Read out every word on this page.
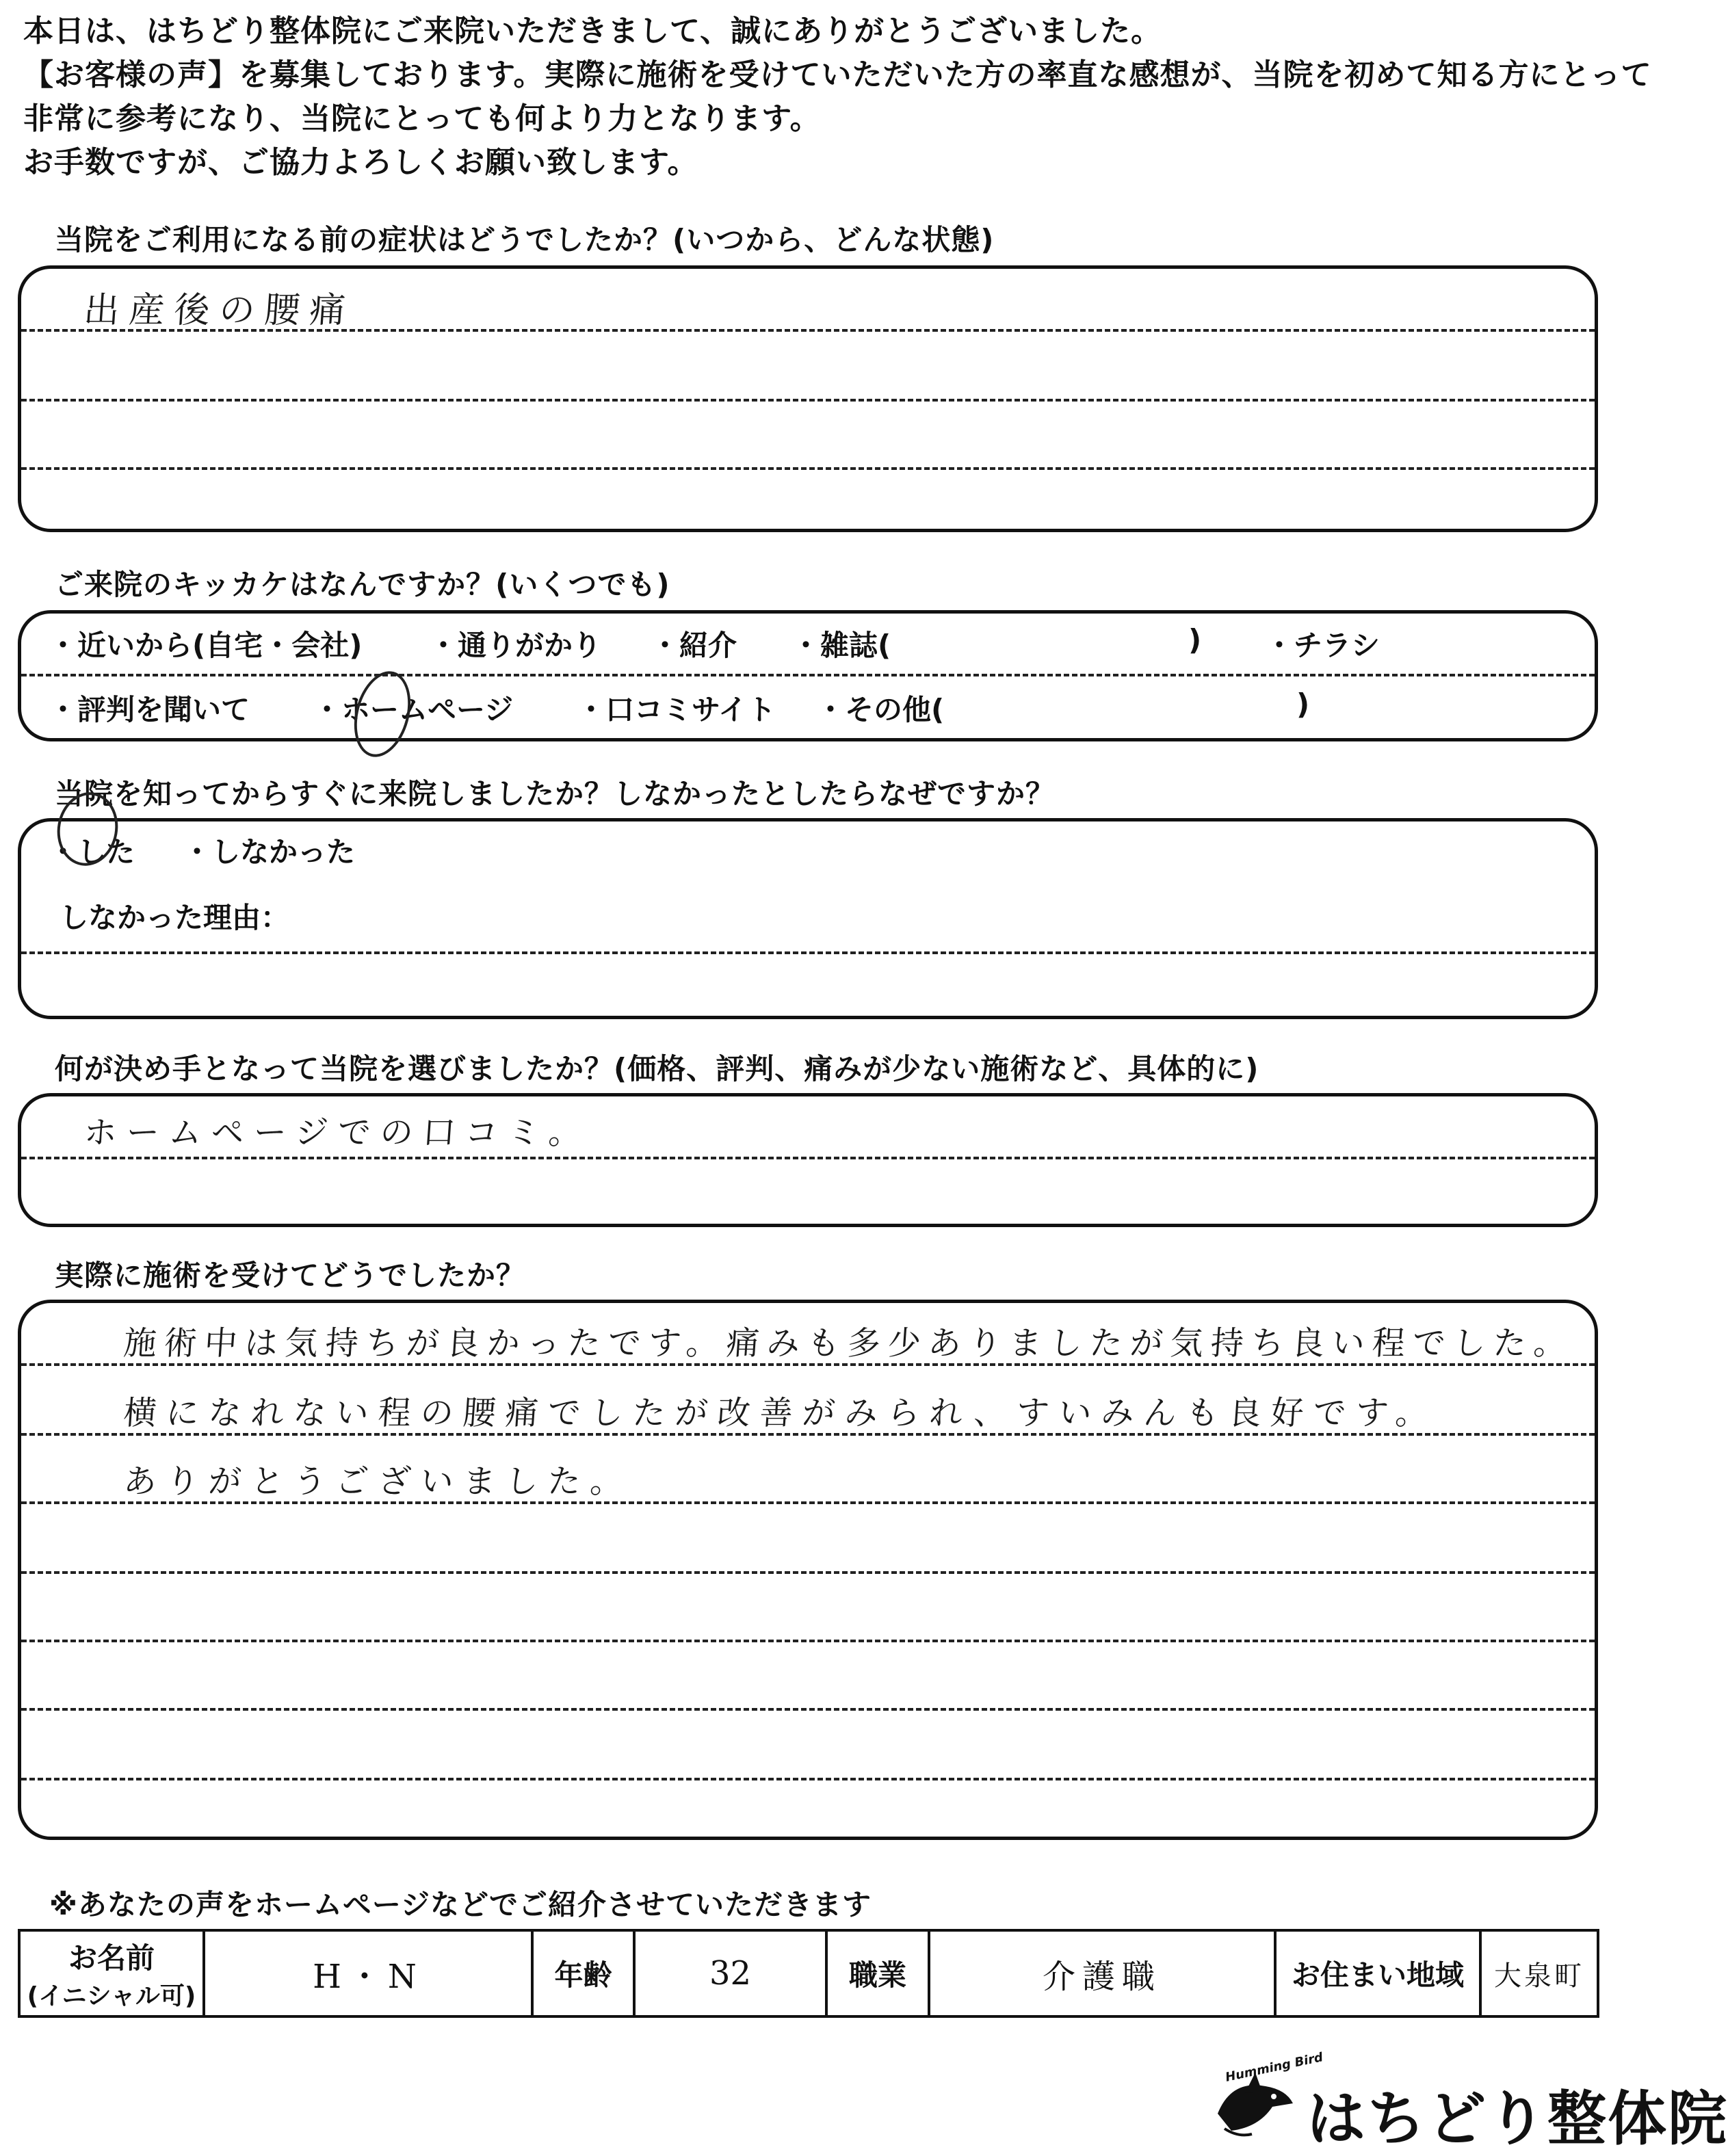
本日は、はちどり整体院にご来院いただきまして、誠にありがとうございました。
【お客様の声】を募集しております。実際に施術を受けていただいた方の率直な感想が、当院を初めて知る方にとって
非常に参考になり、当院にとっても何より力となります。
お手数ですが、ご協力よろしくお願い致します。
当院をご利用になる前の症状はどうでしたか？(いつから、どんな状態)
出産後の腰痛
ご来院のキッカケはなんですか？(いくつでも)
・近いから(自宅・会社) ・通りがかり ・紹介 ・雑誌(	) ・チラシ
・評判を聞いて ・ホームページ ・口コミサイト ・その他(	)
当院を知ってからすぐに来院しましたか？しなかったとしたらなぜですか？
・した ・しなかった
しなかった理由：
何が決め手となって当院を選びましたか？(価格、評判、痛みが少ない施術など、具体的に)
ホームページでの口コミ。
実際に施術を受けてどうでしたか？
施術中は気持ちが良かったです。痛みも多少ありましたが気持ち良い程でした。
横になれない程の腰痛でしたが改善がみられ、すいみんも良好です。
ありがとうございました。
※あなたの声をホームページなどでご紹介させていただきます
お名前
(イニシャル可)
	H・N	年齢	32	職業	介護職	お住まい地域	大泉町
Humming Bird
はちどり整体院
